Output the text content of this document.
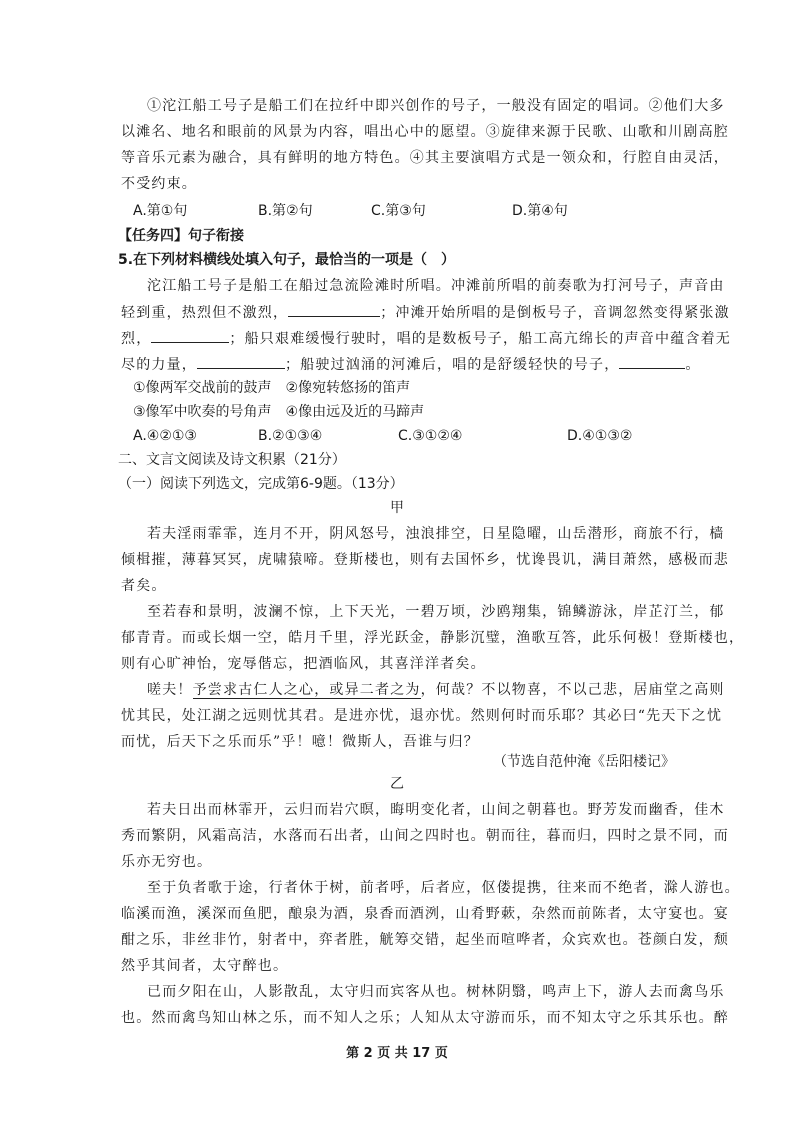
①沱江船工号子是船工们在拉纤中即兴创作的号子，一般没有固定的唱词。②他们大多
以滩名、地名和眼前的风景为内容，唱出心中的愿望。③旋律来源于民歌、山歌和川剧高腔
等音乐元素为融合，具有鲜明的地方特色。④其主要演唱方式是一领众和，行腔自由灵活，
不受约束。
A.第①句	B.第②句	C.第③句	D.第④句
【任务四】句子衔接
5.在下列材料横线处填入句子，最恰当的一项是（　）
沱江船工号子是船工在船过急流险滩时所唱。冲滩前所唱的前奏歌为打河号子，声音由
轻到重，热烈但不激烈，	；冲滩开始所唱的是倒板号子，音调忽然变得紧张激
烈，	；船只艰难缓慢行驶时，唱的是数板号子，船工高亢绵长的声音中蕴含着无
尽的力量，	；船驶过汹涌的河滩后，唱的是舒缓轻快的号子，	。
①像两军交战前的鼓声　②像宛转悠扬的笛声
③像军中吹奏的号角声　④像由远及近的马蹄声
A.④②①③	B.②①③④	C.③①②④	D.④①③②
二、文言文阅读及诗文积累（21分）
（一）阅读下列选文，完成第6-9题。（13分）
甲
若夫淫雨霏霏，连月不开，阴风怒号，浊浪排空，日星隐曜，山岳潜形，商旅不行，樯
倾楫摧，薄暮冥冥，虎啸猿啼。登斯楼也，则有去国怀乡，忧谗畏讥，满目萧然，感极而悲
者矣。
至若春和景明，波澜不惊，上下天光，一碧万顷，沙鸥翔集，锦鳞游泳，岸芷汀兰，郁
郁青青。而或长烟一空，皓月千里，浮光跃金，静影沉璧，渔歌互答，此乐何极！登斯楼也，
则有心旷神怡，宠辱偕忘，把酒临风，其喜洋洋者矣。
嗟夫！予尝求古仁人之心，或异二者之为，何哉？不以物喜，不以己悲，居庙堂之高则
忧其民，处江湖之远则忧其君。是进亦忧，退亦忧。然则何时而乐耶？其必曰“先天下之忧
而忧，后天下之乐而乐”乎！噫！微斯人，吾谁与归？
（节选自范仲淹《岳阳楼记》
乙
若夫日出而林霏开，云归而岩穴暝，晦明变化者，山间之朝暮也。野芳发而幽香，佳木
秀而繁阴，风霜高洁，水落而石出者，山间之四时也。朝而往，暮而归，四时之景不同，而
乐亦无穷也。
至于负者歌于途，行者休于树，前者呼，后者应，伛偻提携，往来而不绝者，滁人游也。
临溪而渔，溪深而鱼肥，酿泉为酒，泉香而酒洌，山肴野蔌，杂然而前陈者，太守宴也。宴
酣之乐，非丝非竹，射者中，弈者胜，觥筹交错，起坐而喧哗者，众宾欢也。苍颜白发，颓
然乎其间者，太守醉也。
已而夕阳在山，人影散乱，太守归而宾客从也。树林阴翳，鸣声上下，游人去而禽鸟乐
也。然而禽鸟知山林之乐，而不知人之乐；人知从太守游而乐，而不知太守之乐其乐也。醉
第 2 页 共 17 页
